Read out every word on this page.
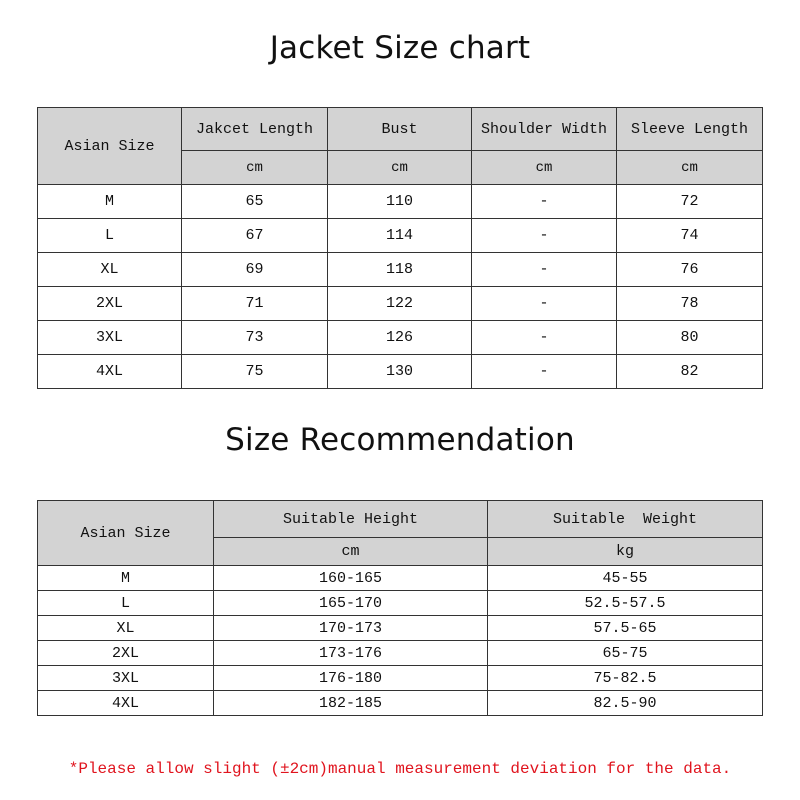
Jacket Size chart
Asian Size	Jakcet Length	Bust	Shoulder Width	Sleeve Length
	cm	cm	cm	cm
M	65	110	-	72
L	67	114	-	74
XL	69	118	-	76
2XL	71	122	-	78
3XL	73	126	-	80
4XL	75	130	-	82
Size Recommendation
Asian Size	Suitable Height	Suitable  Weight
	cm	kg
M	160-165	45-55
L	165-170	52.5-57.5
XL	170-173	57.5-65
2XL	173-176	65-75
3XL	176-180	75-82.5
4XL	182-185	82.5-90
*Please allow slight (±2cm)manual measurement deviation for the data.
